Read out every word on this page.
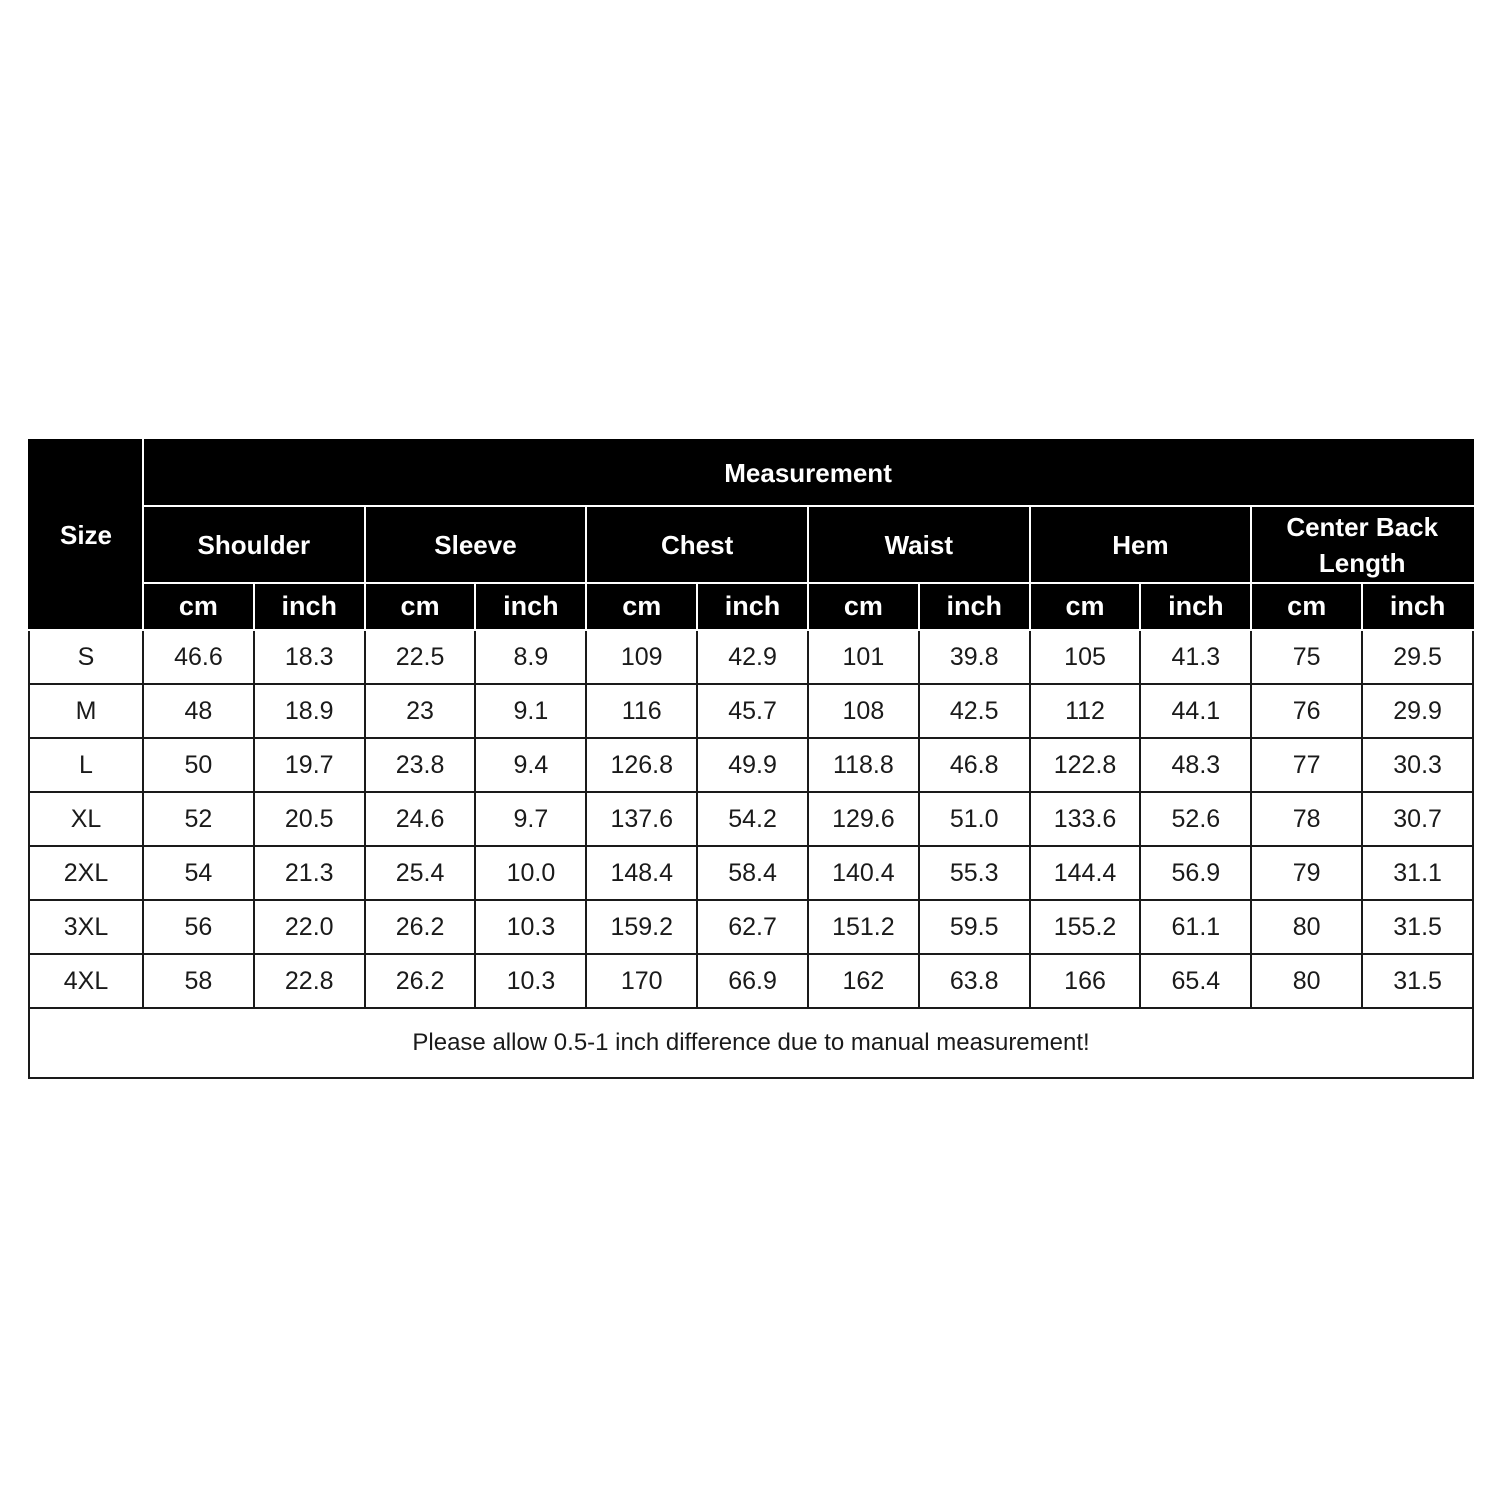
Size	Measurement											
	Shoulder		Sleeve		Chest		Waist		Hem		Center Back Length	
	cm	inch	cm	inch	cm	inch	cm	inch	cm	inch	cm	inch
S	46.6	18.3	22.5	8.9	109	42.9	101	39.8	105	41.3	75	29.5
M	48	18.9	23	9.1	116	45.7	108	42.5	112	44.1	76	29.9
L	50	19.7	23.8	9.4	126.8	49.9	118.8	46.8	122.8	48.3	77	30.3
XL	52	20.5	24.6	9.7	137.6	54.2	129.6	51.0	133.6	52.6	78	30.7
2XL	54	21.3	25.4	10.0	148.4	58.4	140.4	55.3	144.4	56.9	79	31.1
3XL	56	22.0	26.2	10.3	159.2	62.7	151.2	59.5	155.2	61.1	80	31.5
4XL	58	22.8	26.2	10.3	170	66.9	162	63.8	166	65.4	80	31.5
Please allow 0.5-1 inch difference due to manual measurement!												
